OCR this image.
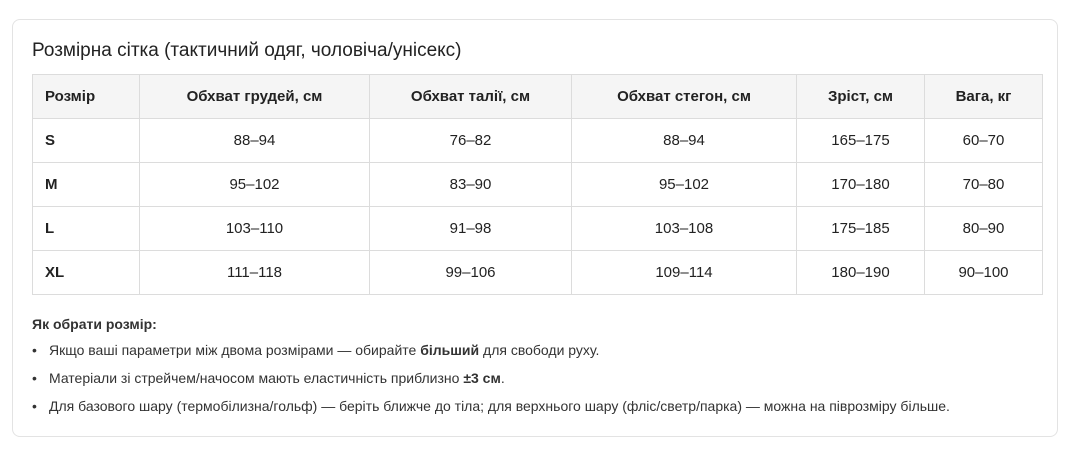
Розмірна сітка (тактичний одяг, чоловіча/унісекс)
Розмір	Обхват грудей, см	Обхват талії, см	Обхват стегон, см	Зріст, см	Вага, кг
S	88–94	76–82	88–94	165–175	60–70
M	95–102	83–90	95–102	170–180	70–80
L	103–110	91–98	103–108	175–185	80–90
XL	111–118	99–106	109–114	180–190	90–100
Як обрати розмір:
• Якщо ваші параметри між двома розмірами — обирайте більший для свободи руху.
• Матеріали зі стрейчем/начосом мають еластичність приблизно ±3 см.
• Для базового шару (термобілизна/гольф) — беріть ближче до тіла; для верхнього шару (фліс/светр/парка) — можна на піврозміру більше.
